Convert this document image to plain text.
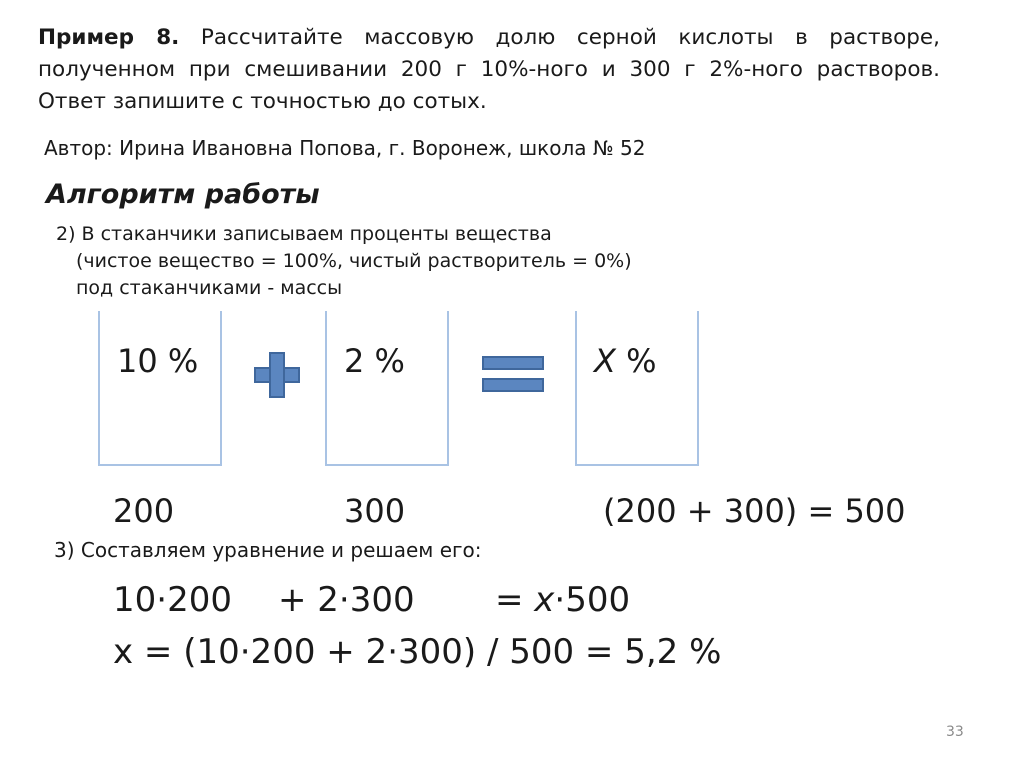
Пример 8. Рассчитайте массовую долю серной кислоты в растворе, полученном при смешивании 200 г 10%-ного и 300 г 2%-ного растворов. Ответ запишите с точностью до сотых.
Автор: Ирина Ивановна Попова, г. Воронеж, школа № 52
Алгоритм работы
2) В стаканчики записываем проценты вещества
(чистое вещество = 100%, чистый растворитель = 0%)
под стаканчиками - массы
10 %	2 %	X %
200	300	(200 + 300) = 500
3) Составляем уравнение и решаем его:
10·200 + 2·300 = x·500
x = (10·200 + 2·300) / 500 = 5,2 %
33
